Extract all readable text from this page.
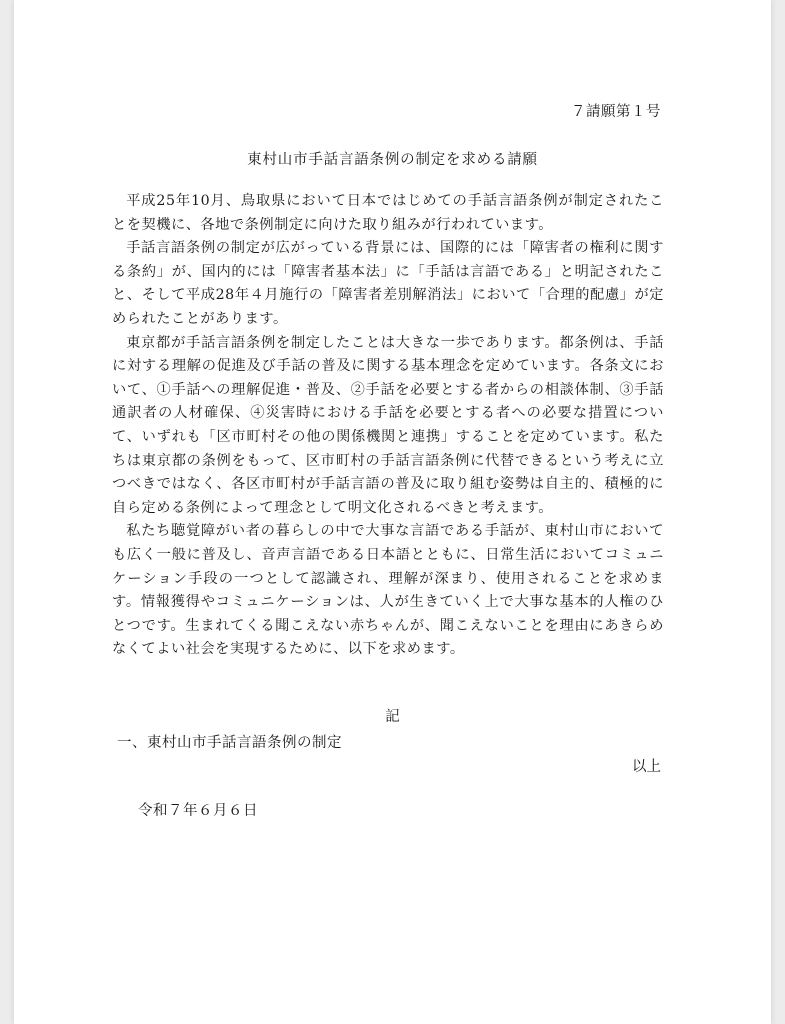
７請願第１号
東村山市手話言語条例の制定を求める請願

平成25年10月、鳥取県において日本ではじめての手話言語条例が制定されたことを契機に、各地で条例制定に向けた取り組みが行われています。

手話言語条例の制定が広がっている背景には、国際的には「障害者の権利に関する条約」が、国内的には「障害者基本法」に「手話は言語である」と明記されたこと、そして平成28年４月施行の「障害者差別解消法」において「合理的配慮」が定められたことがあります。

東京都が手話言語条例を制定したことは大きな一歩であります。都条例は、手話に対する理解の促進及び手話の普及に関する基本理念を定めています。各条文において、①手話への理解促進・普及、②手話を必要とする者からの相談体制、③手話通訳者の人材確保、④災害時における手話を必要とする者への必要な措置について、いずれも「区市町村その他の関係機関と連携」することを定めています。私たちは東京都の条例をもって、区市町村の手話言語条例に代替できるという考えに立つべきではなく、各区市町村が手話言語の普及に取り組む姿勢は自主的、積極的に自ら定める条例によって理念として明文化されるべきと考えます。

私たち聴覚障がい者の暮らしの中で大事な言語である手話が、東村山市においても広く一般に普及し、音声言語である日本語とともに、日常生活においてコミュニケーション手段の一つとして認識され、理解が深まり、使用されることを求めます。情報獲得やコミュニケーションは、人が生きていく上で大事な基本的人権のひとつです。生まれてくる聞こえない赤ちゃんが、聞こえないことを理由にあきらめなくてよい社会を実現するために、以下を求めます。

記
一、東村山市手話言語条例の制定
以上
令和７年６月６日
